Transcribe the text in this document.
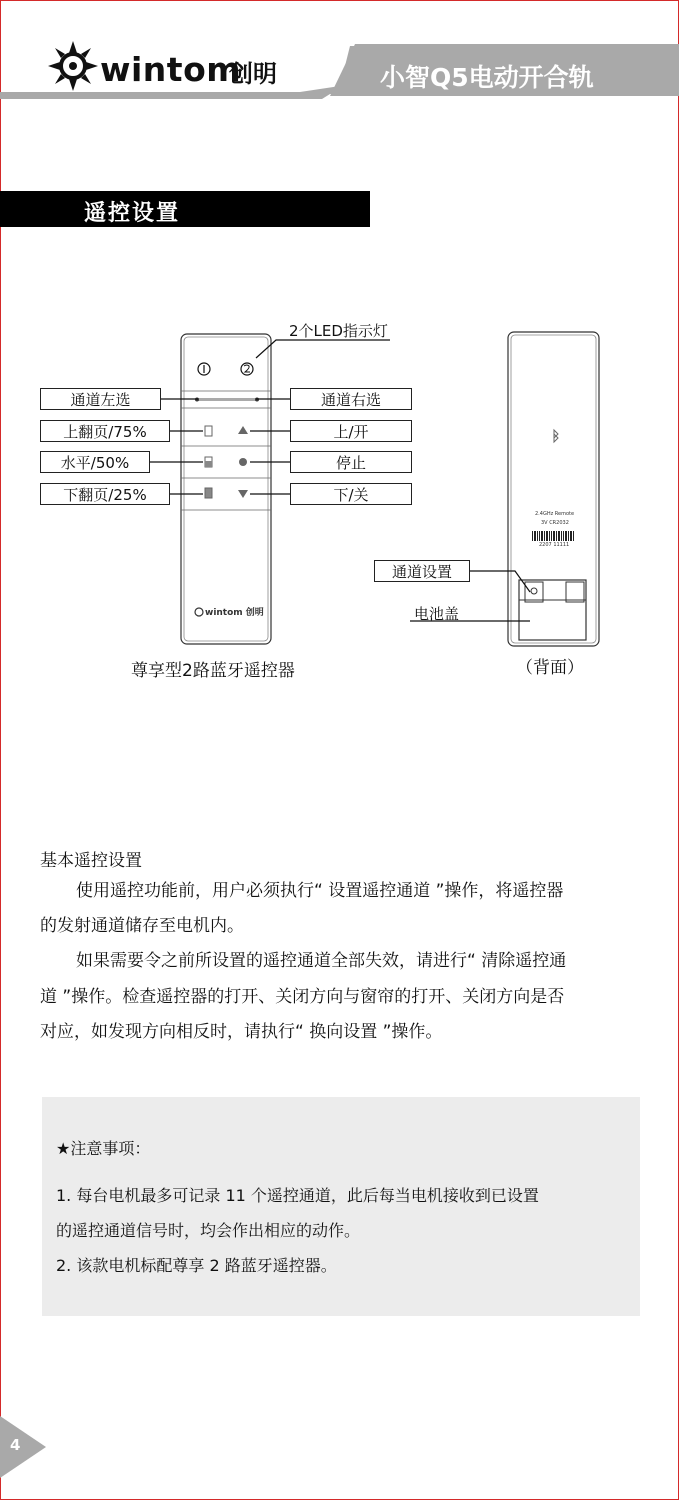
wintom
创明	小智Q5电动开合轨
遥控设置
2个LED指示灯
通道左选
上翻页/75%
水平/50%
下翻页/25%
通道右选
上/开
停止
下/关
wintom 创明
2.4GHz Remote
3V CR2032
2207 11111
通道设置
电池盖
尊享型2路蓝牙遥控器	（背面）
基本遥控设置
使用遥控功能前，用户必须执行“ 设置遥控通道 ”操作，将遥控器
的发射通道储存至电机内。
如果需要令之前所设置的遥控通道全部失效，请进行“ 清除遥控通
道 ”操作。检查遥控器的打开、关闭方向与窗帘的打开、关闭方向是否
对应，如发现方向相反时，请执行“ 换向设置 ”操作。
★注意事项：
1. 每台电机最多可记录 11 个遥控通道，此后每当电机接收到已设置
的遥控通道信号时，均会作出相应的动作。
2. 该款电机标配尊享 2 路蓝牙遥控器。
4
